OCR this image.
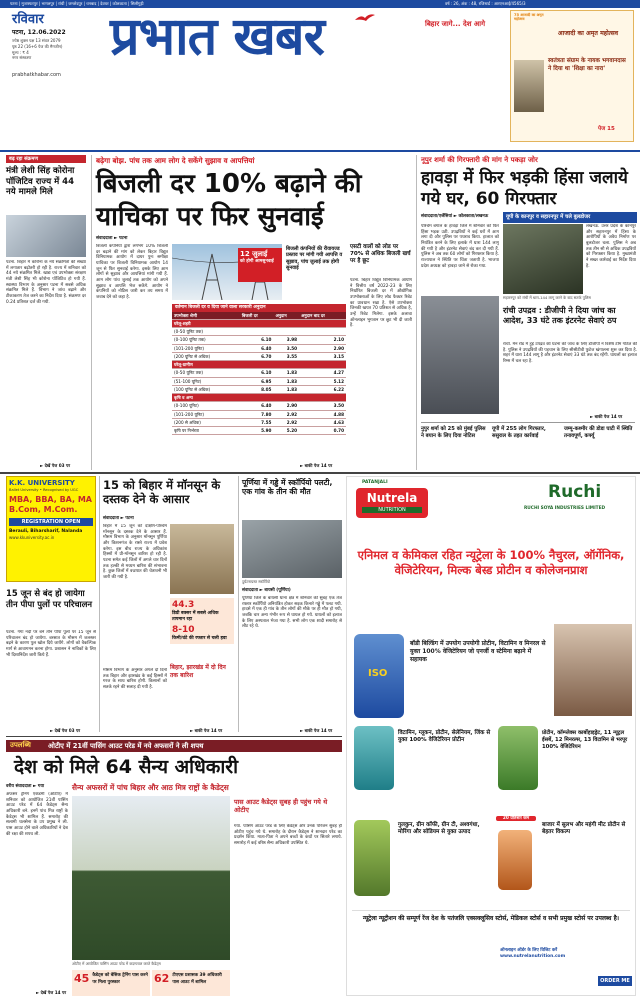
पटना | मुजफ्फरपुर | भागलपुर | रांची | जमशेदपुर | धनबाद | देवघर | कोलकाता | सिलीगुड़ी	वर्ष : 26, अंक : 48, रजिस्टर्ड : आरएनआई/4565/3
रविवार
पटना, 12.06.2022
ज्येष्ठ शुक्ल पक्ष 13 संवत 2079
पृष्ठ 22 (16+6 पेज की मैगजीन)
मूल्य : ₹ 4
नगर संस्करण
prabhatkhabar.com
प्रभात खबर	बिहार जागे... देश आगे
75 आजादी का अमृत महोत्सव
आजादी का अमृत महोत्सव
स्वतंत्रता संग्राम के नायक भगवानदास ने दिया था 'शिक्षा का नारा'
पेज 15
बढ़ रहा संक्रमण
मंत्री लेशी सिंह कोरोना पॉजिटिव राज्य में 44 नये मामले मिले
पटना. बिहार में कोरोना के नये संक्रमितों की संख्या में लगातार बढ़ोतरी हो रही है. राज्य में शनिवार को 44 नये संक्रमित मिले. खाद्य एवं उपभोक्ता संरक्षण मंत्री लेशी सिंह भी कोरोना पॉजिटिव हो गयी हैं. स्वास्थ्य विभाग के अनुसार पटना में सबसे अधिक संक्रमित मिले हैं. विभाग ने जांच बढ़ाने और टीकाकरण तेज करने का निर्देश दिया है. संक्रमण दर 0.24 प्रतिशत दर्ज की गयी.
► देखें पेज 03 पर
बढ़ेगा बोझ. पांच तक आम लोग दे सकेंगे सुझाव व आपत्तियां
बिजली दर 10% बढ़ाने की याचिका पर फिर सुनवाई
संवाददाता ► पटना
बिजली कंपनियों द्वारा लगभग 10% बिजली दर बढ़ाने की मांग को लेकर बिहार विद्युत विनियामक आयोग में दायर पुनः समीक्षा याचिका पर बिजली विनियामक आयोग 14 जून से फिर सुनवाई करेगा. इसके लिए आम लोगों से सुझाव और आपत्तियां मांगी गयी हैं. आम लोग पांच जुलाई तक आयोग को अपने सुझाव व आपत्ति भेज सकेंगे. आयोग ने कंपनियों को नोटिस जारी कर तय समय में जवाब देने को कहा है.
12 जुलाई
को होगी आमसुनवाई
बिजली कंपनियों की रीवायज्ड प्रस्ताव पर मांगी गयी आपत्ति व सुझाव, पांच जुलाई तक होगी सुनवाई
वर्तमान बिजली दर व दिया जाने वाला सरकारी अनुदान
उपभोक्ता श्रेणी	बिजली दर	अनुदान	अनुदान बाद दर
घरेलू-शहरी			
(0-50 यूनिट तक)			
(0-100 यूनिट तक)	6.10	3.98	2.10
(101-200 यूनिट)	6.40	3.50	2.90
(200 यूनिट से अधिक)	6.70	3.55	3.15
घरेलू-ग्रामीण			
(0-50 यूनिट तक)	6.10	1.83	4.27
(51-100 यूनिट)	6.95	1.83	5.12
(100 यूनिट से अधिक)	8.05	1.83	6.22
कृषि व अन्य			
(0-100 यूनिट)	6.40	2.90	3.50
(101-200 यूनिट)	7.80	2.92	4.88
(200 से अधिक)	7.55	2.92	4.63
कृषि पर निर्भरता	5.90	5.20	0.70
► बाकी पेज 14 पर
एसटी वालों को लोड पर 70% से अधिक बिजली खर्च पर है छूट
पटना. बिहार विद्युत विनियामक आयोग ने वित्तीय वर्ष 2022-23 के लिए निर्धारित बिजली दर में औद्योगिक उपभोक्ताओं के लिए लोड फैक्टर रिबेट का प्रावधान रखा है. ऐसे उपभोक्ता जिनकी खपत 70 प्रतिशत से अधिक है, उन्हें रिबेट मिलेगा. इसके अलावा ऑनलाइन भुगतान पर छूट भी दी जाती है.
नूपुर शर्मा की गिरफ्तारी की मांग ने पकड़ा जोर
हावड़ा में फिर भड़की हिंसा जलाये गये घर, 60 गिरफ्तार
संवाददाता/एजेंसियां ► कोलकाता/लखनऊ
पश्चिम बंगाल के हावड़ा जिले में शनिवार को फिर हिंसा भड़क उठी. उपद्रवियों ने कई घरों में आग लगा दी और पुलिस पर पथराव किया. हालात को नियंत्रित करने के लिए इलाके में धारा 144 लागू की गयी है और इंटरनेट सेवाएं बंद कर दी गयी हैं. पुलिस ने अब तक 60 लोगों को गिरफ्तार किया है. राज्यपाल ने स्थिति पर चिंता जतायी है. भाजपा प्रदेश अध्यक्ष को हावड़ा जाने से रोका गया.
यूपी के कानपुर व सहारनपुर में चले बुलडोजर
लखनऊ. उत्तर प्रदेश के कानपुर और सहारनपुर में हिंसा के आरोपियों के अवैध निर्माण पर बुलडोजर चला. पुलिस ने अब तक तीन सौ से अधिक उपद्रवियों को गिरफ्तार किया है. मुख्यमंत्री ने सख्त कार्रवाई का निर्देश दिया है.
सहारनपुर को रांची में धारा-144 लागू करने के बाद सतर्क पुलिस
रांची उपद्रव : डीजीपी ने दिया जांच का आदेश, 33 घंटे तक इंटरनेट सेवाएं ठप
रांची. मेन रोड में हुई उपद्रव की घटना की जांच के लिए डीजीपी ने विशेष टीम गठित की है. पुलिस ने उपद्रवियों की पहचान के लिए सीसीटीवी फुटेज खंगालना शुरू कर दिया है. शहर में धारा 144 लागू है और इंटरनेट सेवाएं 33 घंटे तक बंद रहेंगी. घायलों का इलाज रिम्स में चल रहा है.
► बाकी पेज 14 पर
नुपुर शर्मा को 25 को मुंबई पुलिस ने बयान के लिए दिया नोटिस
यूपी में 255 लोग गिरफ्तार, ससुराल के तहत कार्रवाई
जम्मू-कश्मीर की डोडा घाटी में स्थिति तनावपूर्ण, कर्फ्यू
K.K. UNIVERSITY
Ballet University • Recognised by UGC
MBA, BBA, BA, MA
B.Com, M.Com.
REGISTRATION OPEN
Berauli, Biharsharif, Nalanda
www.kkuniversity.ac.in
15 जून से बंद हो जायेगा तीन पीपा पुलों पर परिचालन
पटना. गंगा नदी पर बने तीन पीपा पुलों पर 15 जून से परिचालन बंद हो जायेगा. बरसात के मौसम में जलस्तर बढ़ने के कारण पुल खोल दिये जायेंगे. लोगों को वैकल्पिक मार्ग से आवागमन करना होगा. प्रशासन ने नाविकों के लिए भी दिशानिर्देश जारी किये हैं.
► देखें पेज 03 पर
15 को बिहार में मॉनसून के दस्तक देने के आसार
संवाददाता ► पटना
बिहार में 15 जून को दक्षिण-पश्चिम मॉनसून के दस्तक देने के आसार हैं. मौसम विभाग के अनुसार मॉनसून पूर्णिया और किशनगंज के रास्ते राज्य में प्रवेश करेगा. इस बीच राज्य के अधिकांश हिस्सों में प्री-मॉनसून बारिश हो रही है. पटना समेत कई जिलों में अगले चार दिनों तक हल्की से मध्यम बारिश की संभावना है. कुछ जिलों में वज्रपात की चेतावनी भी जारी की गयी है.
44.3
डिग्री बक्सर में सबसे अधिक तापमान रहा
8-10
किमी/घंटे की रफ्तार से चली हवा
बिहार, झारखंड में दो दिन तक बारिश
मौसम विभाग के अनुसार अगले दो दिनों तक बिहार और झारखंड के कई हिस्सों में गरज के साथ बारिश होगी. किसानों को सतर्क रहने की सलाह दी गयी है.
► बाकी पेज 14 पर
पूर्णिया में गड्ढे में स्कॉर्पियो पलटी, एक गांव के तीन की मौत
दुर्घटनाग्रस्त स्कॉर्पियो
संवाददाता ► बायसी (पूर्णिया)
पूर्णिया जिले के बायसी थाना क्षेत्र में शनिवार की सुबह एक तेज रफ्तार स्कॉर्पियो अनियंत्रित होकर सड़क किनारे गड्ढे में पलट गयी. हादसे में एक ही गांव के तीन लोगों की मौके पर ही मौत हो गयी, जबकि चार अन्य गंभीर रूप से घायल हो गये. घायलों को इलाज के लिए अस्पताल भेजा गया है. सभी लोग एक शादी समारोह से लौट रहे थे.
► बाकी पेज 14 पर
PATANJALI
Nutrela
NUTRITION
Ruchi
RUCHI SOYA INDUSTRIES LIMITED
एनिमल व केमिकल रहित न्यूट्रेला के 100% नैचुरल, ऑर्गेनिक, वेजिटेरियन, मिल्क बेस्ड प्रोटीन व कोलेजनप्राश
ISO
बॉडी बिल्डिंग में उपयोग उपयोगी प्रोटीन, विटामिन व मिनरल से युक्त 100% वेजिटेरियन जो एनर्जी व स्टेमिना बढ़ाने में सहायक
विटामिन, ग्लूकन, प्रोटीन, सेलेनियम, जिंक से युक्त 100% वेजिटेरियन प्रोटीन
प्रोटीन, कॉम्प्लेक्स कार्बोहाइड्रेट, 11 न्यूट्रल ईसबें, 12 मिनरल्स, 13 विटामिन से भरपूर 100% वेजिटेरियन
गुलकुन, ग्रीन कॉफी, ग्रीन टी, अश्वगंधा, मोरिंगा और सोडियम से युक्त उत्पाद
20 प्रतिशत कम
बाजार में सुलभ और महंगी मीट प्रोटीन से बेहतर विकल्प
न्यूट्रेला न्यूट्रीशन की सम्पूर्ण रेंज देश के पतंजलि एक्सक्लूसिव स्टोर्स, मेडिकल स्टोर्स व सभी प्रमुख स्टोर्स पर उपलब्ध है।
ऑनलाइन ऑर्डर के लिए विजिट करें www.nutrelanutrition.com
ORDER ME
उपलब्धि	ओटीए में 21वीं पासिंग आउट परेड में नये अफसरों ने ली शपथ
देश को मिले 64 सैन्य अधिकारी
वरीय संवाददाता ► गया
अफसर ट्रेनिंग एकेडमी (ओटीए) में शनिवार को आयोजित 21वीं पासिंग आउट परेड में 64 कैडेट्स सैन्य अधिकारी बने. इनमें पांच मित्र राष्ट्रों के कैडेट्स भी शामिल हैं. समारोह की सलामी थलसेना के उप प्रमुख ने ली. पास आउट होने वाले अधिकारियों ने देश की रक्षा की शपथ ली.
► देखें पेज 14 पर
सैन्य अफसरों में पांच बिहार और आठ मित्र राष्ट्रों के कैडेट्स
ओटीए में आयोजित पासिंग आउट परेड में कदमताल करते कैडेट्स
45 कैडेट्स को बेसिक ट्रेनिंग पास करने पर मिला पुरस्कार	62 टीएएस प्रशासक 39 अधिकारी पास आउट में शामिल
पास आउट कैडेट्स सुबह ही पहुंच गये थे ओटीए
गया. पासिंग आउट परेड के लिए कैडेट्स और उनके परिजन सुबह ही ओटीए पहुंच गये थे. समारोह के दौरान कैडेट्स ने शानदार परेड का प्रदर्शन किया. माता-पिता ने अपने बच्चों के कंधों पर सितारे लगाये. समारोह में कई वरिष्ठ सैन्य अधिकारी उपस्थित थे.
